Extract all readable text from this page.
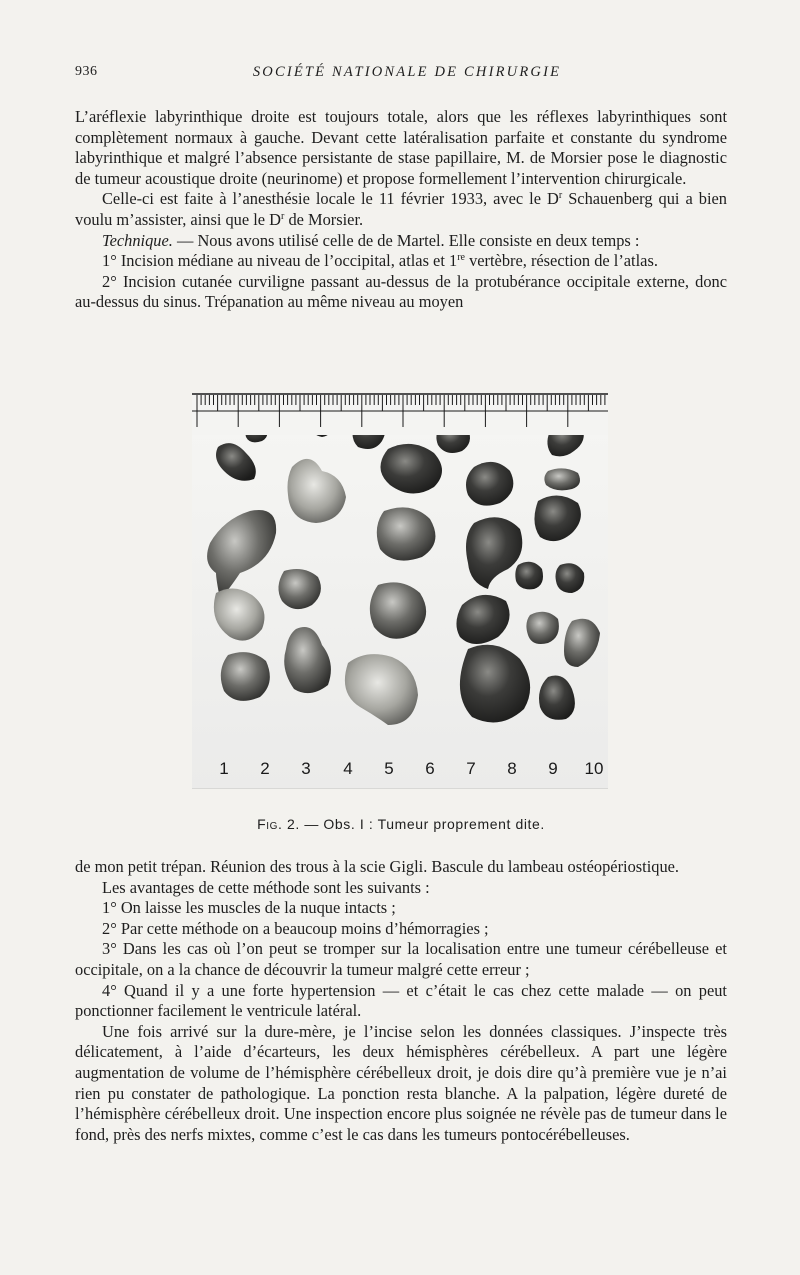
936	SOCIÉTÉ NATIONALE DE CHIRURGIE

L’aréflexie labyrinthique droite est toujours totale, alors que les réflexes labyrinthiques sont complètement normaux à gauche. Devant cette latéralisation parfaite et constante du syndrome labyrinthique et malgré l’absence persistante de stase papillaire, M. de Morsier pose le diagnostic de tumeur acoustique droite (neurinome) et propose formellement l’intervention chirurgicale.

Celle-ci est faite à l’anesthésie locale le 11 février 1933, avec le $D^r$ Schauenberg qui a bien voulu m’assister, ainsi que le $D^r$ de Morsier.

Technique. — Nous avons utilisé celle de de Martel. Elle consiste en deux temps :

1° Incision médiane au niveau de l’occipital, atlas et 1re vertèbre, résection de l’atlas.

2° Incision cutanée curviligne passant au-dessus de la protubérance occipitale externe, donc au-dessus du sinus. Trépanation au même niveau au moyen

1	2	3	4	5	6	7	8	9	10
Fig. 2. — Obs. I : Tumeur proprement dite.

de mon petit trépan. Réunion des trous à la scie Gigli. Bascule du lambeau ostéopériostique.

Les avantages de cette méthode sont les suivants :

1° On laisse les muscles de la nuque intacts ;

2° Par cette méthode on a beaucoup moins d’hémorragies ;

3° Dans les cas où l’on peut se tromper sur la localisation entre une tumeur cérébelleuse et occipitale, on a la chance de découvrir la tumeur malgré cette erreur ;

4° Quand il y a une forte hypertension — et c’était le cas chez cette malade — on peut ponctionner facilement le ventricule latéral.

Une fois arrivé sur la dure-mère, je l’incise selon les données classiques. J’inspecte très délicatement, à l’aide d’écarteurs, les deux hémisphères cérébelleux. A part une légère augmentation de volume de l’hémisphère cérébelleux droit, je dois dire qu’à première vue je n’ai rien pu constater de pathologique. La ponction resta blanche. A la palpation, légère dureté de l’hémisphère cérébelleux droit. Une inspection encore plus soignée ne révèle pas de tumeur dans le fond, près des nerfs mixtes, comme c’est le cas dans les tumeurs pontocérébelleuses.
